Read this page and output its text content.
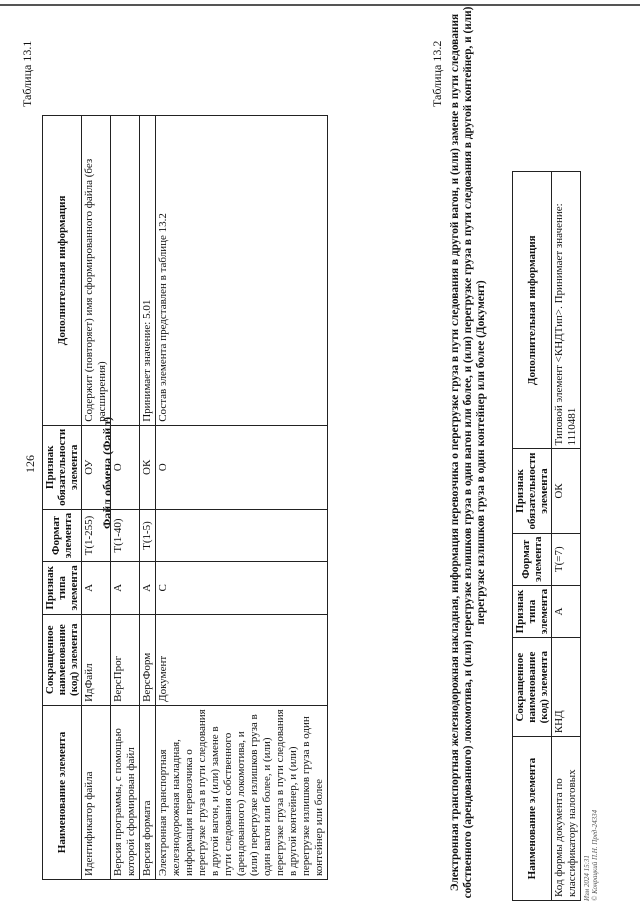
126
Таблица 13.1
Файл обмена (Файл)
Наименование элемента	Сокращенное наименование (код) элемента	Признак типа элемента	Формат элемента	Признак обязательности элемента	Дополнительная информация
Идентификатор файла	ИдФайл	А	Т(1-255)	ОУ	Содержит (повторяет) имя сформированного файла (без расширения)
Версия программы, с помощью которой сформирован файл	ВерсПрог	А	Т(1-40)	О	
Версия формата	ВерсФорм	А	Т(1-5)	ОК	Принимает значение: 5.01
Электронная транспортная железнодорожная накладная, информация перевозчика о перегрузке груза в пути следования в другой вагон, и (или) замене в пути следования собственного (арендованного) локомотива, и (или) перегрузке излишков груза в один вагон или более, и (или) перегрузке груза в пути следования в другой контейнер, и (или) перегрузке излишков груза в один контейнер или более	Документ	С		О	Состав элемента представлен в таблице 13.2
Таблица 13.2 Электронная транспортная железнодорожная накладная, информация перевозчика о перегрузке груза в пути следования в другой вагон, и (или) замене в пути следования собственного (арендованного) локомотива, и (или) перегрузке излишков груза в один вагон или более, и (или) перегрузке груза в пути следования в другой контейнер, и (или) перегрузке излишков груза в один контейнер или более (Документ)
Наименование элемента	Сокращенное наименование (код) элемента	Признак типа элемента	Формат элемента	Признак обязательности элемента	Дополнительная информация
Код формы документа по классификатору налоговых	КНД	А	Т(=7)	ОК	Типовой элемент <КНДТип>. Принимает значение: 1110481
Изм 2024 15:31 © Конрацкий П.Н. Пред-24334
